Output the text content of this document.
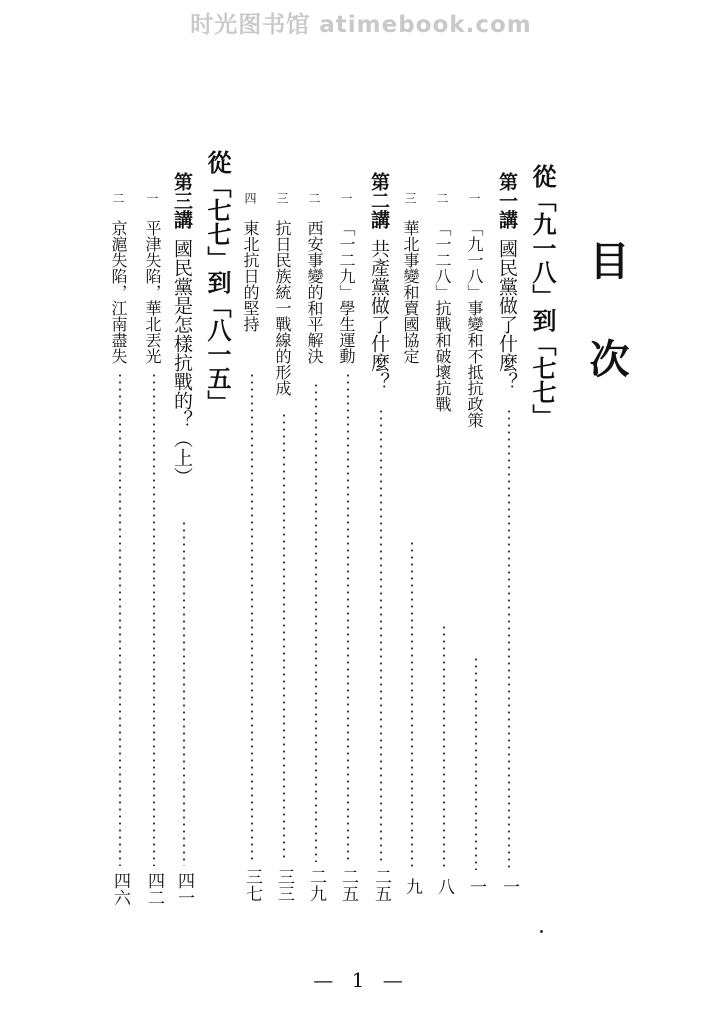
时光图书馆 atimebook.com
目次
從「九一八」到「七七」
第一講國民黨做了什麼？
一
一「九一八」事變和不抵抗政策
一
二「一二八」抗戰和破壞抗戰
八
三華北事變和賣國協定
九
第二講共產黨做了什麼？
二五
一「一二九」學生運動
二五
二西安事變的和平解決
二九
三抗日民族統一戰線的形成
三三
四東北抗日的堅持
三七
從「七七」到「八一五」
第三講國民黨是怎樣抗戰的？（上）
四一
一平津失陷，華北丟光
四二
二京滬失陷，江南盡失
四六
— 1 —
